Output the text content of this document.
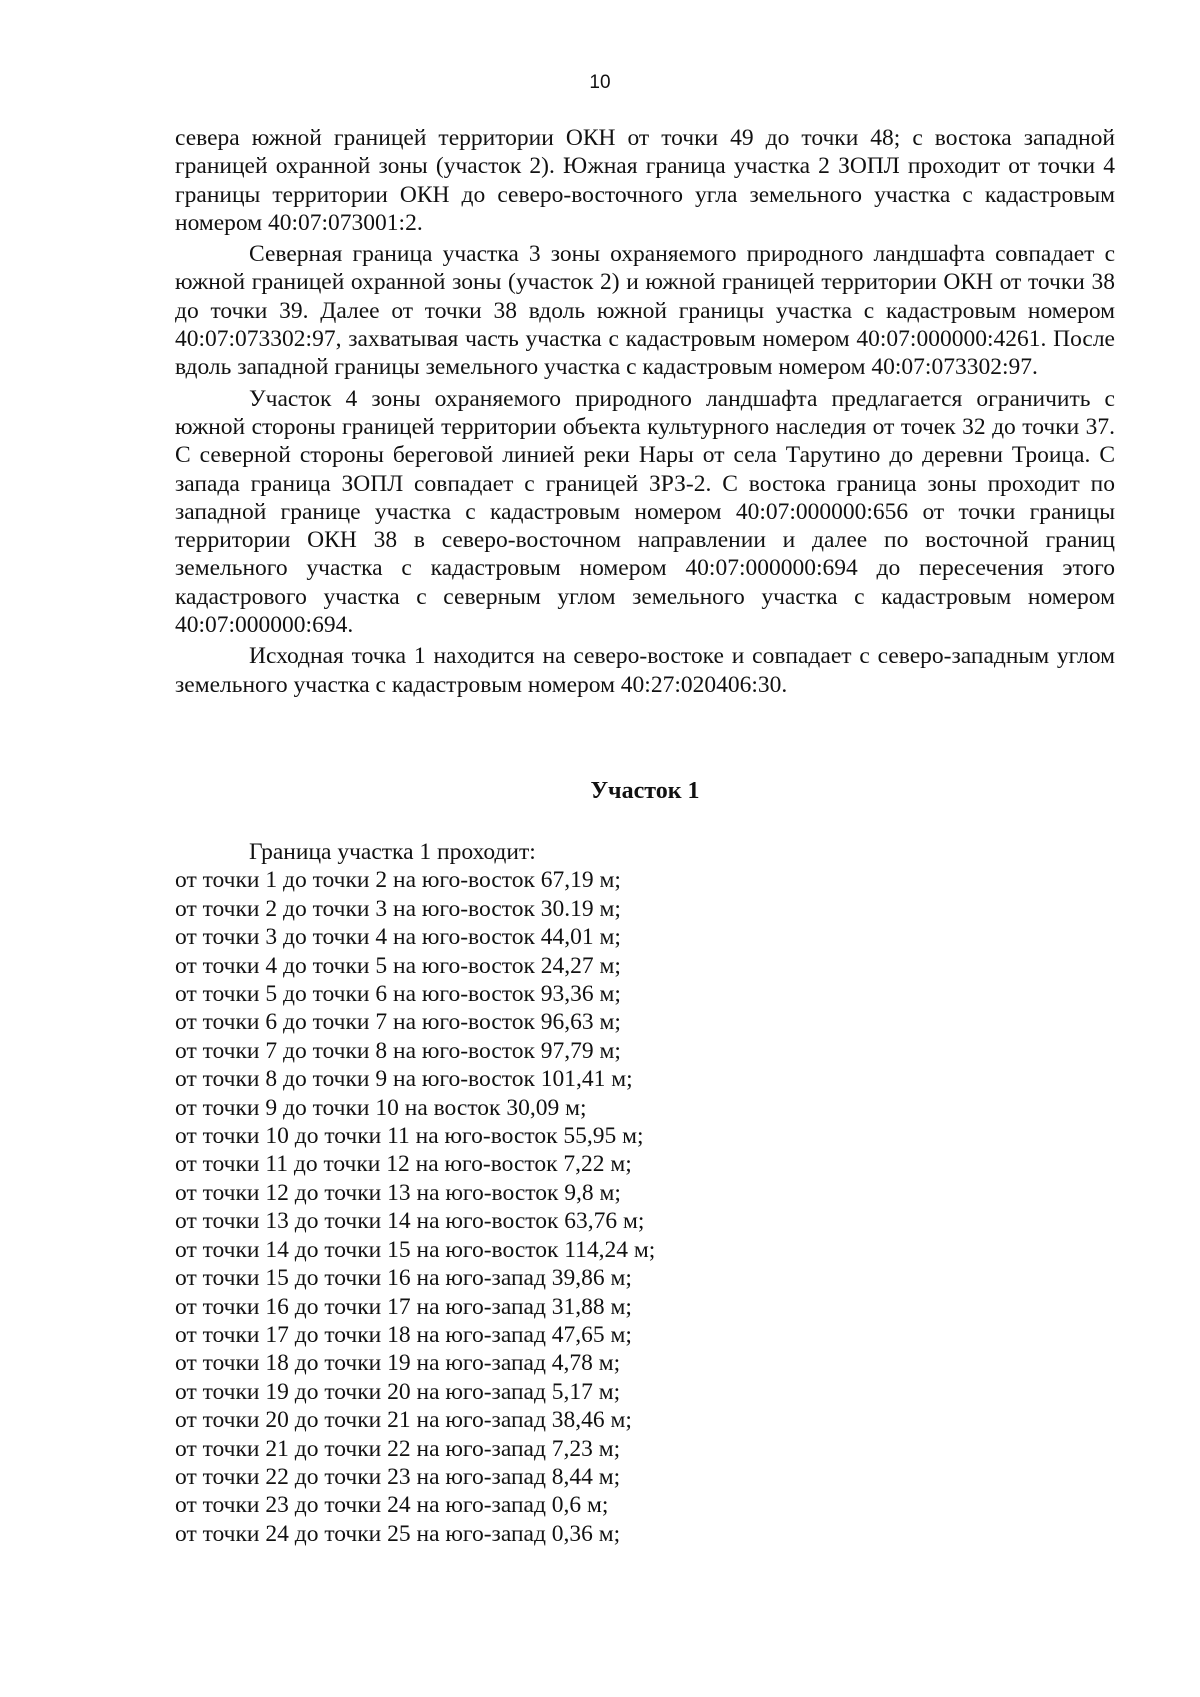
10

севера южной границей территории ОКН от точки 49 до точки 48; с востока западной границей охранной зоны (участок 2). Южная граница участка 2 ЗОПЛ проходит от точки 4 границы территории ОКН до северо-восточного угла земельного участка с кадастровым номером 40:07:073001:2.

Северная граница участка 3 зоны охраняемого природного ландшафта совпадает с южной границей охранной зоны (участок 2) и южной границей территории ОКН от точки 38 до точки 39. Далее от точки 38 вдоль южной границы участка с кадастровым номером 40:07:073302:97, захватывая часть участка с кадастровым номером 40:07:000000:4261. После вдоль западной границы земельного участка с кадастровым номером 40:07:073302:97.

Участок 4 зоны охраняемого природного ландшафта предлагается ограничить с южной стороны границей территории объекта культурного наследия от точек 32 до точки 37. С северной стороны береговой линией реки Нары от села Тарутино до деревни Троица. С запада граница ЗОПЛ совпадает с границей ЗРЗ-2. С востока граница зоны проходит по западной границе участка с кадастровым номером 40:07:000000:656 от точки границы территории ОКН 38 в северо-восточном направлении и далее по восточной границ земельного участка с кадастровым номером 40:07:000000:694 до пересечения этого кадастрового участка с северным углом земельного участка с кадастровым номером 40:07:000000:694.

Исходная точка 1 находится на северо-востоке и совпадает с северо-западным углом земельного участка с кадастровым номером 40:27:020406:30.

Участок 1

Граница участка 1 проходит:

от точки 1 до точки 2 на юго-восток 67,19 м;
от точки 2 до точки 3 на юго-восток 30.19 м;
от точки 3 до точки 4 на юго-восток 44,01 м;
от точки 4 до точки 5 на юго-восток 24,27 м;
от точки 5 до точки 6 на юго-восток 93,36 м;
от точки 6 до точки 7 на юго-восток 96,63 м;
от точки 7 до точки 8 на юго-восток 97,79 м;
от точки 8 до точки 9 на юго-восток 101,41 м;
от точки 9 до точки 10 на восток 30,09 м;
от точки 10 до точки 11 на юго-восток 55,95 м;
от точки 11 до точки 12 на юго-восток 7,22 м;
от точки 12 до точки 13 на юго-восток 9,8 м;
от точки 13 до точки 14 на юго-восток 63,76 м;
от точки 14 до точки 15 на юго-восток 114,24 м;
от точки 15 до точки 16 на юго-запад 39,86 м;
от точки 16 до точки 17 на юго-запад 31,88 м;
от точки 17 до точки 18 на юго-запад 47,65 м;
от точки 18 до точки 19 на юго-запад 4,78 м;
от точки 19 до точки 20 на юго-запад 5,17 м;
от точки 20 до точки 21 на юго-запад 38,46 м;
от точки 21 до точки 22 на юго-запад 7,23 м;
от точки 22 до точки 23 на юго-запад 8,44 м;
от точки 23 до точки 24 на юго-запад 0,6 м;
от точки 24 до точки 25 на юго-запад 0,36 м;
